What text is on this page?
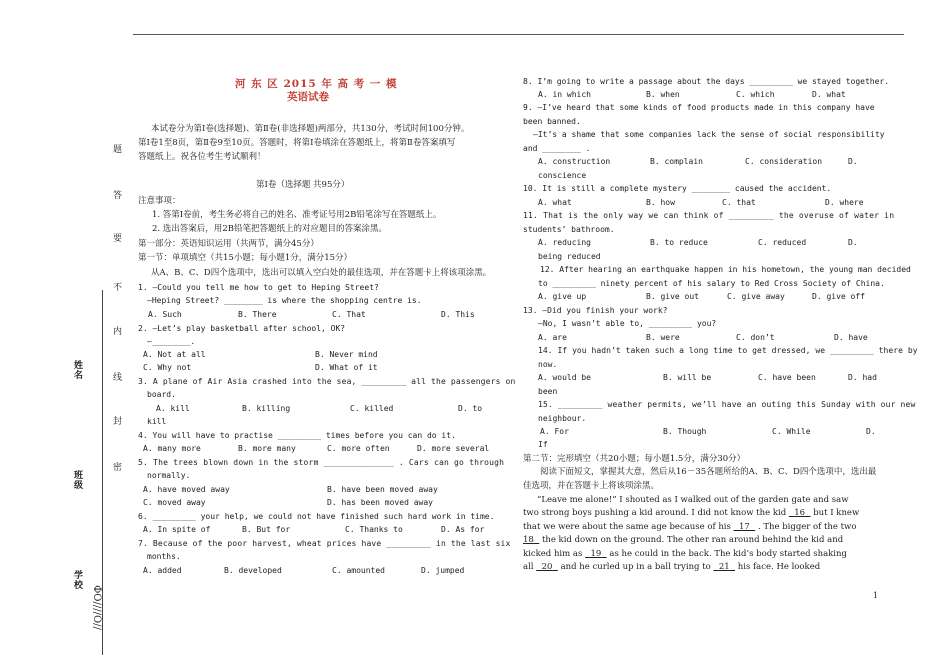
姓名
班级
学校
ФO////O//
题
答
要
不
内
线
封
密
河 东 区 2015 年 高 考 一 模
英语试卷
本试卷分为第Ⅰ卷(选择题)、第Ⅱ卷(非选择题)两部分，共130分，考试时间100分钟。
第Ⅰ卷1至8页，第Ⅱ卷9至10页。答题时，将第Ⅰ卷填涂在答题纸上，将第Ⅱ卷答案填写
答题纸上。祝各位考生考试顺利！
第Ⅰ卷（选择题 共95分）
注意事项：
1. 答第Ⅰ卷前，考生务必将自己的姓名、准考证号用2B铅笔涂写在答题纸上。
2. 选出答案后，用2B铅笔把答题纸上的对应题目的答案涂黑。
第一部分：英语知识运用（共两节，满分45分）
第一节：单项填空（共15小题；每小题1分，满分15分）
从A、B、C、D四个选项中，选出可以填入空白处的最佳选项，并在答题卡上将该项涂黑。
1. —Could you tell me how to get to Heping Street?
—Heping Street? ________ is where the shopping centre is.
A. Such	B. There	C. That	D. This
2. —Let’s play basketball after school, OK?
—________.
A. Not at all	B. Never mind
C. Why not	D. What of it
3. A plane of Air Asia crashed into the sea, _________ all the passengers on
board.
A. kill	B. killing	C. killed	D. to
kill
4. You will have to practise _________ times before you can do it.
A. many more	B. more many	C. more often	D. more several
5. The trees blown down in the storm ______________ . Cars can go through
normally.
A. have moved away	B. have been moved away
C. moved away	D. has been moved away
6. _________ your help, we could not have finished such hard work in time.
A. In spite of	B. But for	C. Thanks to	D. As for
7. Because of the poor harvest, wheat prices have _________ in the last six
months.
A. added	B. developed	C. amounted	D. jumped
8. I’m going to write a passage about the days _________ we stayed together.
A. in which	B. when	C. which	D. what
9. —I’ve heard that some kinds of food products made in this company have
been banned.
—It’s a shame that some companies lack the sense of social responsibility
and ________ .
A. construction	B. complain	C. consideration	D.
conscience
10. It is still a complete mystery ________ caused the accident.
A. what	B. how	C. that	D. where
11. That is the only way we can think of _________ the overuse of water in
students’ bathroom.
A. reducing	B. to reduce	C. reduced	D.
being reduced
12. After hearing an earthquake happen in his hometown, the young man decided
to _________ ninety percent of his salary to Red Cross Society of China.
A. give up	B. give out	C. give away	D. give off
13. —Did you finish your work?
—No, I wasn’t able to, _________ you?
A. are	B. were	C. don’t	D. have
14. If you hadn’t taken such a long time to get dressed, we _________ there by
now.
A. would be	B. will be	C. have been	D. had
been
15. _________ weather permits, we’ll have an outing this Sunday with our new
neighbour.
A. For	B. Though	C. While	D.
If
第二节：完形填空（共20小题；每小题1.5分，满分30分）
阅读下面短文，掌握其大意，然后从16－35各题所给的A、B、C、D四个选项中，选出最
佳选项，并在答题卡上将该项涂黑。
“Leave me alone!” I shouted as I walked out of the garden gate and saw
two strong boys pushing a kid around. I did not know the kid 16 but I knew
that we were about the same age because of his 17 . The bigger of the two
18 the kid down on the ground. The other ran around behind the kid and
kicked him as 19 as he could in the back. The kid’s body started shaking
all 20 and he curled up in a ball trying to 21 his face. He looked
1
